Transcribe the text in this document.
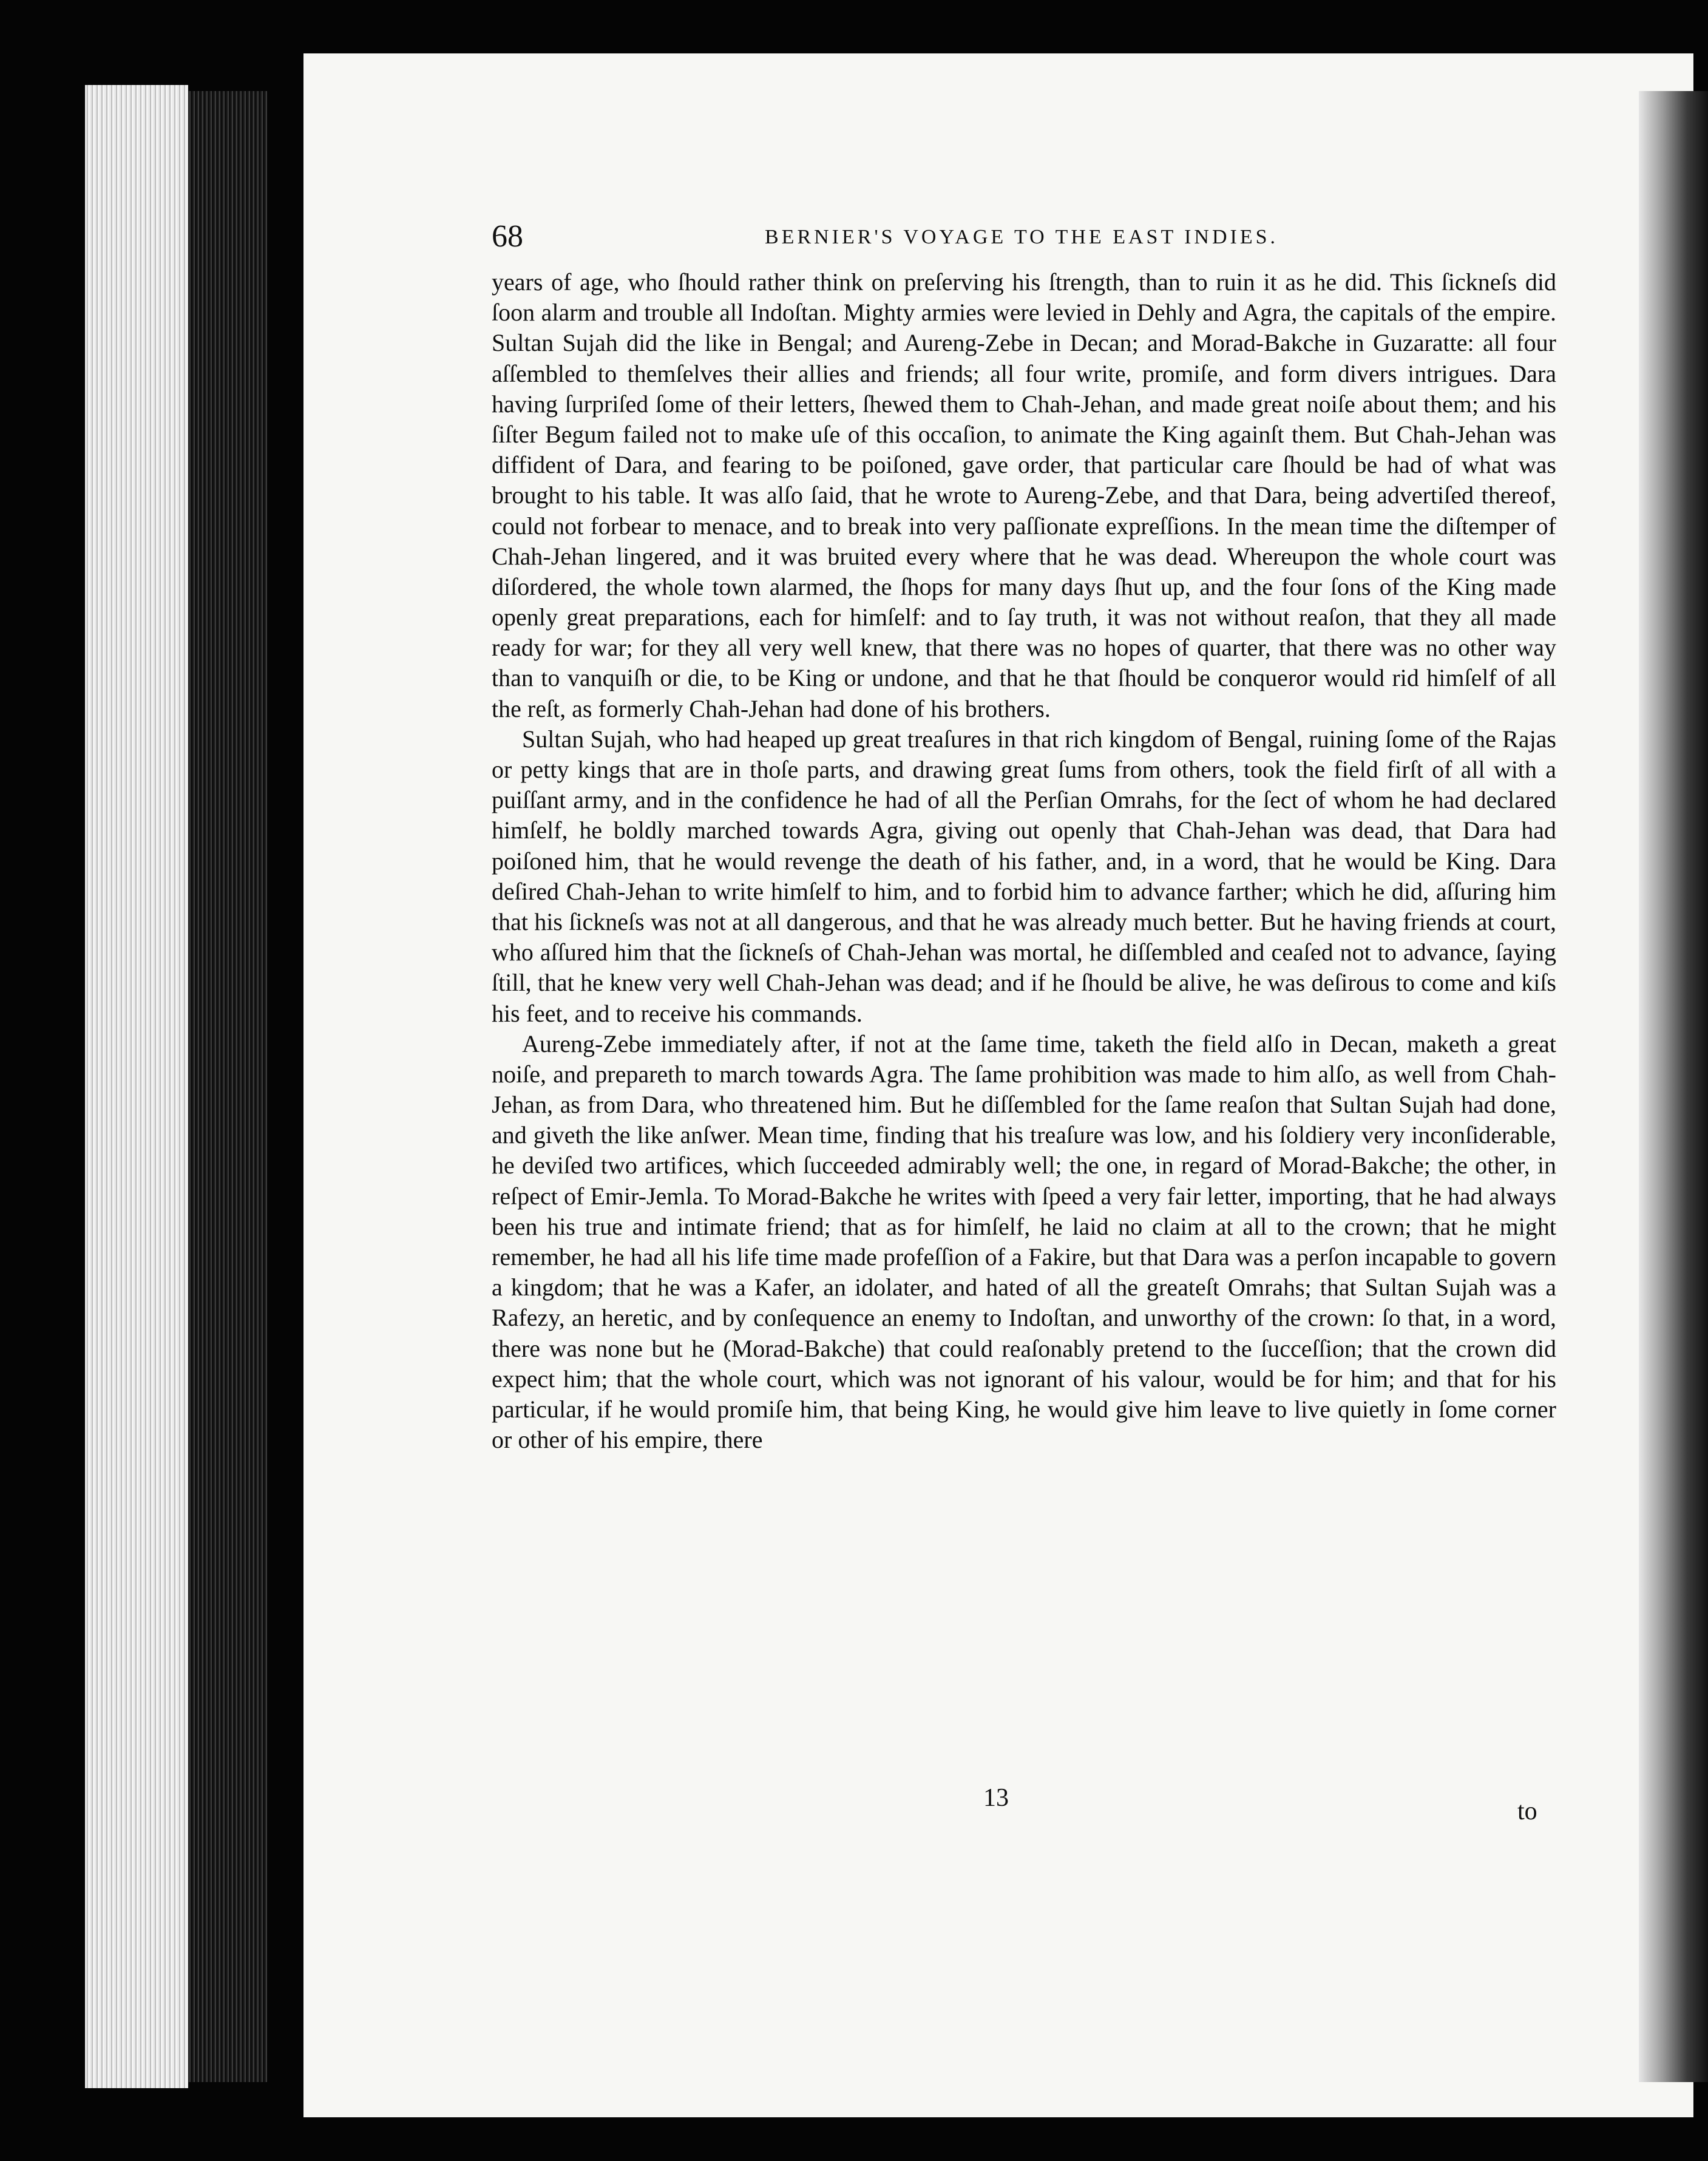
68	BERNIER'S VOYAGE TO THE EAST INDIES.

years of age, who ſhould rather think on preſerving his ſtrength, than to ruin it as he did. This ſickneſs did ſoon alarm and trouble all Indoſtan. Mighty armies were levied in Dehly and Agra, the capitals of the empire. Sultan Sujah did the like in Bengal; and Aureng-Zebe in Decan; and Morad-Bakche in Guzaratte: all four aſſembled to themſelves their allies and friends; all four write, promiſe, and form divers intrigues. Dara having ſurpriſed ſome of their letters, ſhewed them to Chah-Jehan, and made great noiſe about them; and his ſiſter Begum failed not to make uſe of this occaſion, to animate the King againſt them. But Chah-Jehan was diffident of Dara, and fearing to be poiſoned, gave order, that particular care ſhould be had of what was brought to his table. It was alſo ſaid, that he wrote to Aureng-Zebe, and that Dara, being advertiſed thereof, could not forbear to menace, and to break into very paſſionate expreſſions. In the mean time the diſtemper of Chah-Jehan lingered, and it was bruited every where that he was dead. Whereupon the whole court was diſordered, the whole town alarmed, the ſhops for many days ſhut up, and the four ſons of the King made openly great preparations, each for himſelf: and to ſay truth, it was not without reaſon, that they all made ready for war; for they all very well knew, that there was no hopes of quarter, that there was no other way than to vanquiſh or die, to be King or undone, and that he that ſhould be conqueror would rid himſelf of all the reſt, as formerly Chah-Jehan had done of his brothers.

Sultan Sujah, who had heaped up great treaſures in that rich kingdom of Bengal, ruining ſome of the Rajas or petty kings that are in thoſe parts, and drawing great ſums from others, took the field firſt of all with a puiſſant army, and in the confidence he had of all the Perſian Omrahs, for the ſect of whom he had declared himſelf, he boldly marched towards Agra, giving out openly that Chah-Jehan was dead, that Dara had poiſoned him, that he would revenge the death of his father, and, in a word, that he would be King. Dara deſired Chah-Jehan to write himſelf to him, and to forbid him to advance farther; which he did, aſſuring him that his ſickneſs was not at all dangerous, and that he was already much better. But he having friends at court, who aſſured him that the ſickneſs of Chah-Jehan was mortal, he diſſembled and ceaſed not to advance, ſaying ſtill, that he knew very well Chah-Jehan was dead; and if he ſhould be alive, he was deſirous to come and kiſs his feet, and to receive his commands.

Aureng-Zebe immediately after, if not at the ſame time, taketh the field alſo in Decan, maketh a great noiſe, and prepareth to march towards Agra. The ſame prohibition was made to him alſo, as well from Chah-Jehan, as from Dara, who threatened him. But he diſſembled for the ſame reaſon that Sultan Sujah had done, and giveth the like anſwer. Mean time, finding that his treaſure was low, and his ſoldiery very inconſiderable, he deviſed two artifices, which ſucceeded admirably well; the one, in regard of Morad-Bakche; the other, in reſpect of Emir-Jemla. To Morad-Bakche he writes with ſpeed a very fair letter, importing, that he had always been his true and intimate friend; that as for himſelf, he laid no claim at all to the crown; that he might remember, he had all his life time made profeſſion of a Fakire, but that Dara was a perſon incapable to govern a kingdom; that he was a Kafer, an idolater, and hated of all the greateſt Omrahs; that Sultan Sujah was a Rafezy, an heretic, and by conſequence an enemy to Indoſtan, and unworthy of the crown: ſo that, in a word, there was none but he (Morad-Bakche) that could reaſonably pretend to the ſucceſſion; that the crown did expect him; that the whole court, which was not ignorant of his valour, would be for him; and that for his particular, if he would promiſe him, that being King, he would give him leave to live quietly in ſome corner or other of his empire, there

13	to
